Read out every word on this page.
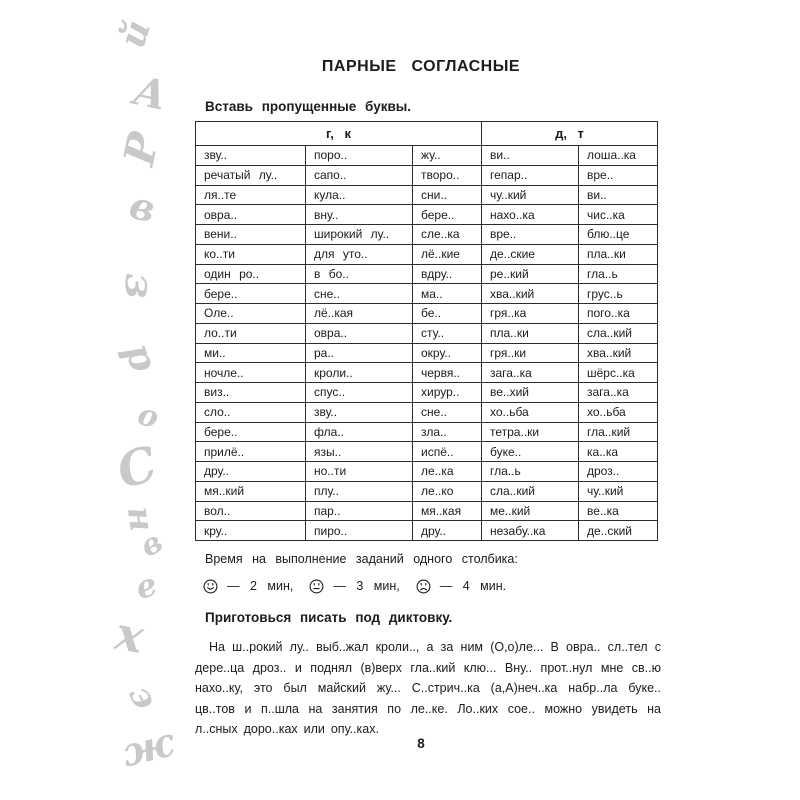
й
А
Р
в
з
р
о
С
н
в
е
х
э
ж
ПАРНЫЕ СОГЛАСНЫЕ

Вставь пропущенные буквы.

г, к			д, т	
зву..	поро..	жу..	ви..	лоша..ка
речатый лу..	сапо..	творо..	гепар..	вре..
ля..те	кула..	сни..	чу..кий	ви..
овра..	вну..	бере..	нахо..ка	чис..ка
вени..	широкий лу..	сле..ка	вре..	блю..це
ко..ти	для уто..	лё..кие	де..ские	пла..ки
один ро..	в бо..	вдру..	ре..кий	гла..ь
бере..	сне..	ма..	хва..кий	грус..ь
Оле..	лё..кая	бе..	гря..ка	пого..ка
ло..ти	овра..	сту..	пла..ки	сла..кий
ми..	ра..	окру..	гря..ки	хва..кий
ночле..	кроли..	червя..	зага..ка	шёрс..ка
виз..	спус..	хирур..	ве..хий	зага..ка
сло..	зву..	сне..	хо..ьба	хо..ьба
бере..	фла..	зла..	тетра..ки	гла..кий
прилё..	язы..	испё..	буке..	ка..ка
дру..	но..ти	ле..ка	гла..ь	дроз..
мя..кий	плу..	ле..ко	сла..кий	чу..кий
вол..	пар..	мя..кая	ме..кий	ве..ка
кру..	пиро..	дру..	незабу..ка	де..ский

Время на выполнение заданий одного столбика:

— 2 мин,	— 3 мин,	— 4 мин.

Приготовься писать под диктовку.

На ш..рокий лу.. выб..жал кроли.., а за ним (О,о)ле... В овра.. сл..тел с дере..ца дроз.. и поднял (в)верх гла..кий клю... Вну.. прот..нул мне св..ю нахо..ку, это был майский жу... С..стрич..ка (а,А)неч..ка набр..ла буке.. цв..тов и п..шла на занятия по ле..ке. Ло..ких сое.. можно увидеть на л..сных доро..ках или опу..ках.

8
